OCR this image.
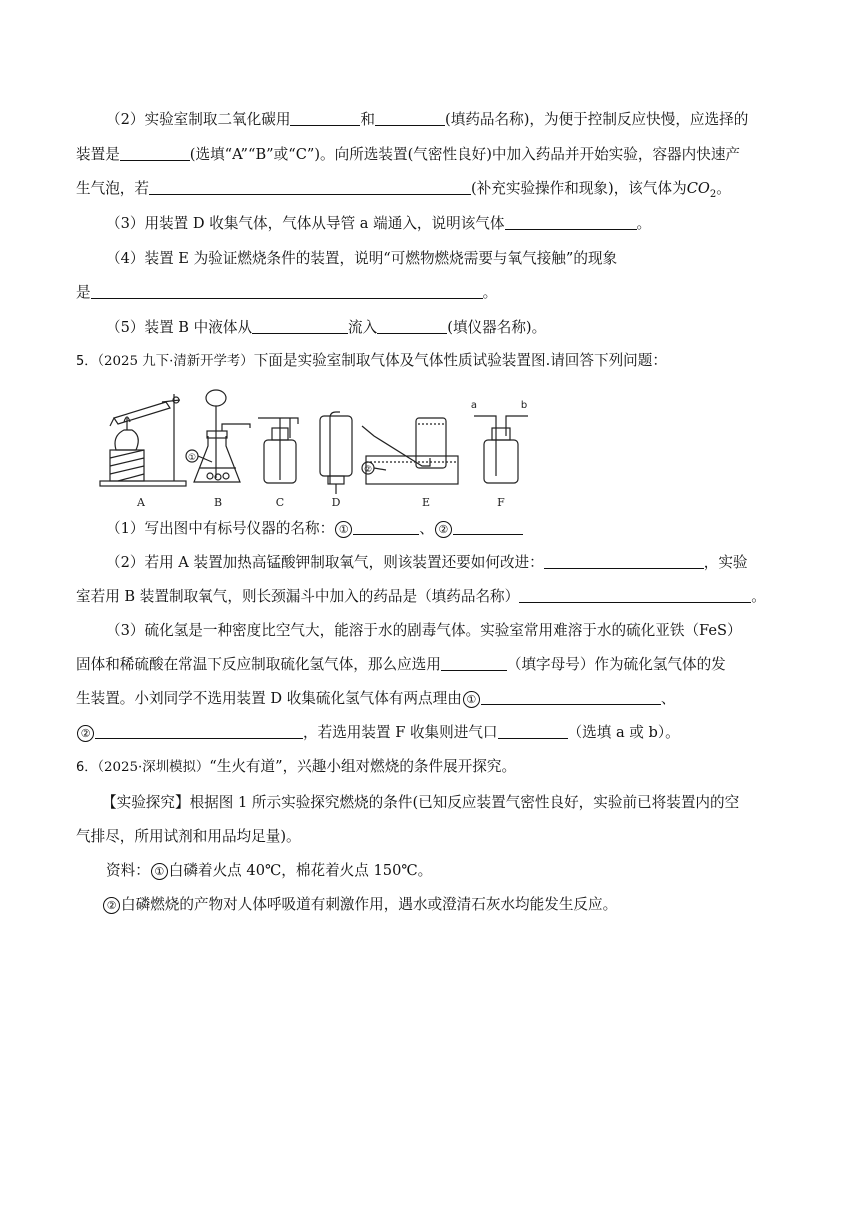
（2）实验室制取二氧化碳用	和	(填药品名称)，为便于控制反应快慢，应选择的
装置是	(选填“A”“B”或“C”)。向所选装置(气密性良好)中加入药品并开始实验，容器内快速产
生气泡，若	(补充实验操作和现象)，该气体为$CO_2$。
（3）用装置 D 收集气体，气体从导管 a 端通入，说明该气体	。
（4）装置 E 为验证燃烧条件的装置，说明“可燃物燃烧需要与氧气接触”的现象
是	。
（5）装置 B 中液体从	流入	(填仪器名称)。
5．（2025 九下·清新开学考）下面是实验室制取气体及气体性质试验装置图.请回答下列问题：
①
②
a	b
A	B	C	D	E	F
（1）写出图中有标号仪器的名称： ①	、 ②
（2）若用 A 装置加热高锰酸钾制取氧气，则该装置还要如何改进：	，实验
室若用 B 装置制取氧气，则长颈漏斗中加入的药品是（填药品名称）	。
（3）硫化氢是一种密度比空气大，能溶于水的剧毒气体。实验室常用难溶于水的硫化亚铁（FeS）
固体和稀硫酸在常温下反应制取硫化氢气体，那么应选用	（填字母号）作为硫化氢气体的发
生装置。小刘同学不选用装置 D 收集硫化氢气体有两点理由 ①	、
②	，若选用装置 F 收集则进气口	（选填 a 或 b）。
6．（2025·深圳模拟）“生火有道”，兴趣小组对燃烧的条件展开探究。
【实验探究】根据图 1 所示实验探究燃烧的条件(已知反应装置气密性良好，实验前已将装置内的空
气排尽，所用试剂和用品均足量)。
资料： ① 白磷着火点 40℃，棉花着火点 150℃。
② 白磷燃烧的产物对人体呼吸道有刺激作用，遇水或澄清石灰水均能发生反应。
